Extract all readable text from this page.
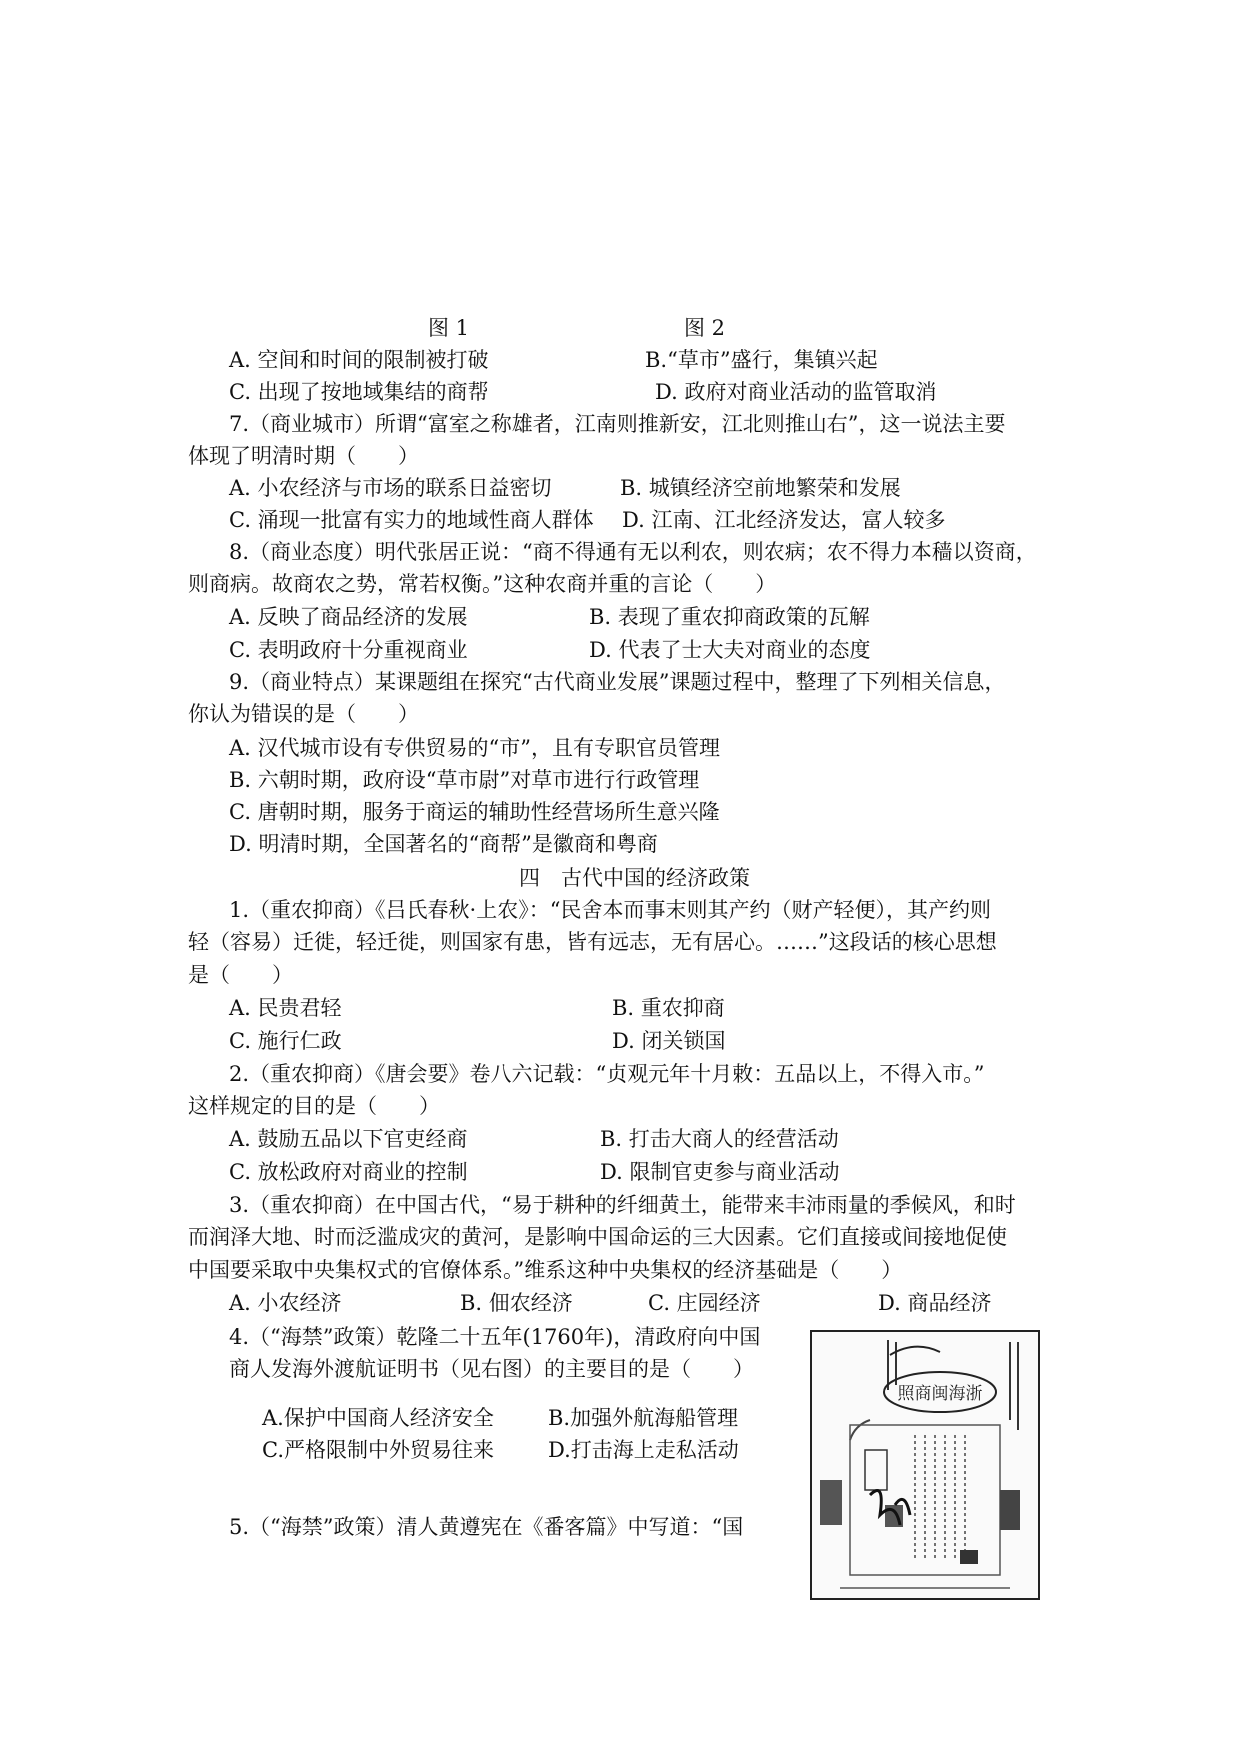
图 1	图 2
A. 空间和时间的限制被打破	B.“草市”盛行，集镇兴起
C. 出现了按地域集结的商帮	D. 政府对商业活动的监管取消
7.（商业城市）所谓“富室之称雄者，江南则推新安，江北则推山右”，这一说法主要
体现了明清时期（　　）
A. 小农经济与市场的联系日益密切	B. 城镇经济空前地繁荣和发展
C. 涌现一批富有实力的地域性商人群体 D. 江南、江北经济发达，富人较多
8.（商业态度）明代张居正说：“商不得通有无以利农，则农病；农不得力本穑以资商，
则商病。故商农之势，常若权衡。”这种农商并重的言论（　　）
A. 反映了商品经济的发展	B. 表现了重农抑商政策的瓦解
C. 表明政府十分重视商业	D. 代表了士大夫对商业的态度
9.（商业特点）某课题组在探究“古代商业发展”课题过程中，整理了下列相关信息，
你认为错误的是（　　）
A. 汉代城市设有专供贸易的“市”，且有专职官员管理
B. 六朝时期，政府设“草市尉”对草市进行行政管理
C. 唐朝时期，服务于商运的辅助性经营场所生意兴隆
D. 明清时期，全国著名的“商帮”是徽商和粤商
四　古代中国的经济政策
1.（重农抑商）《吕氏春秋·上农》：“民舍本而事末则其产约（财产轻便），其产约则
轻（容易）迁徙，轻迁徙，则国家有患，皆有远志，无有居心。……”这段话的核心思想
是（　　）
A. 民贵君轻	B. 重农抑商
C. 施行仁政	D. 闭关锁国
2.（重农抑商）《唐会要》卷八六记载：“贞观元年十月敕：五品以上，不得入市。”
这样规定的目的是（　　）
A. 鼓励五品以下官吏经商	B. 打击大商人的经营活动
C. 放松政府对商业的控制	D. 限制官吏参与商业活动
3.（重农抑商）在中国古代，“易于耕种的纤细黄土，能带来丰沛雨量的季候风，和时
而润泽大地、时而泛滥成灾的黄河，是影响中国命运的三大因素。它们直接或间接地促使
中国要采取中央集权式的官僚体系。”维系这种中央集权的经济基础是（　　）
A. 小农经济	B. 佃农经济	C. 庄园经济	D. 商品经济
4.（“海禁”政策）乾隆二十五年(1760年)，清政府向中国
商人发海外渡航证明书（见右图）的主要目的是（　　）
A.保护中国商人经济安全	B.加强外航海船管理
C.严格限制中外贸易往来	D.打击海上走私活动
5.（“海禁”政策）清人黄遵宪在《番客篇》中写道：“国
照商闽海浙
